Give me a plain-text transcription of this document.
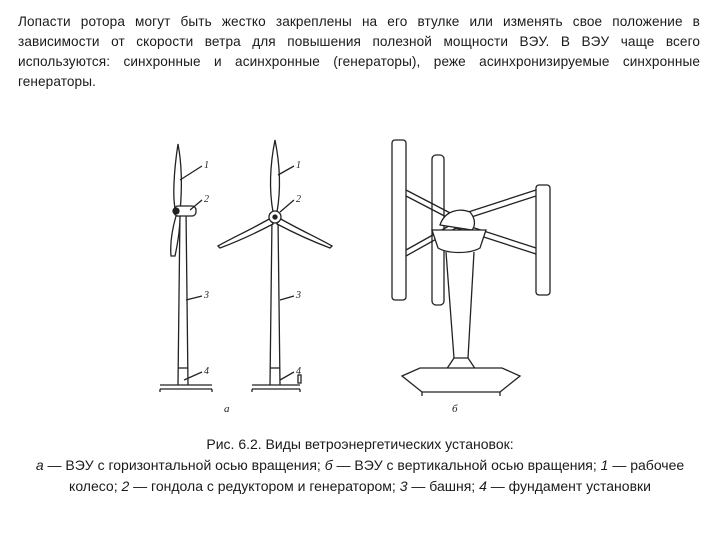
Лопасти ротора могут быть жестко закреплены на его втулке или изменять свое положение в зависимости от скорости ветра для повышения полезной мощности ВЭУ. В ВЭУ чаще всего используются: синхронные и асинхронные (генераторы), реже асинхронизируемые синхронные генераторы.
1
2
3
4
1
2
3
4
а	б
Рис. 6.2. Виды ветроэнергетических установок:
а — ВЭУ с горизонтальной осью вращения; б — ВЭУ с вертикальной осью вращения; 1 — рабочее колесо; 2 — гондола с редуктором и генератором; 3 — башня; 4 — фундамент установки
